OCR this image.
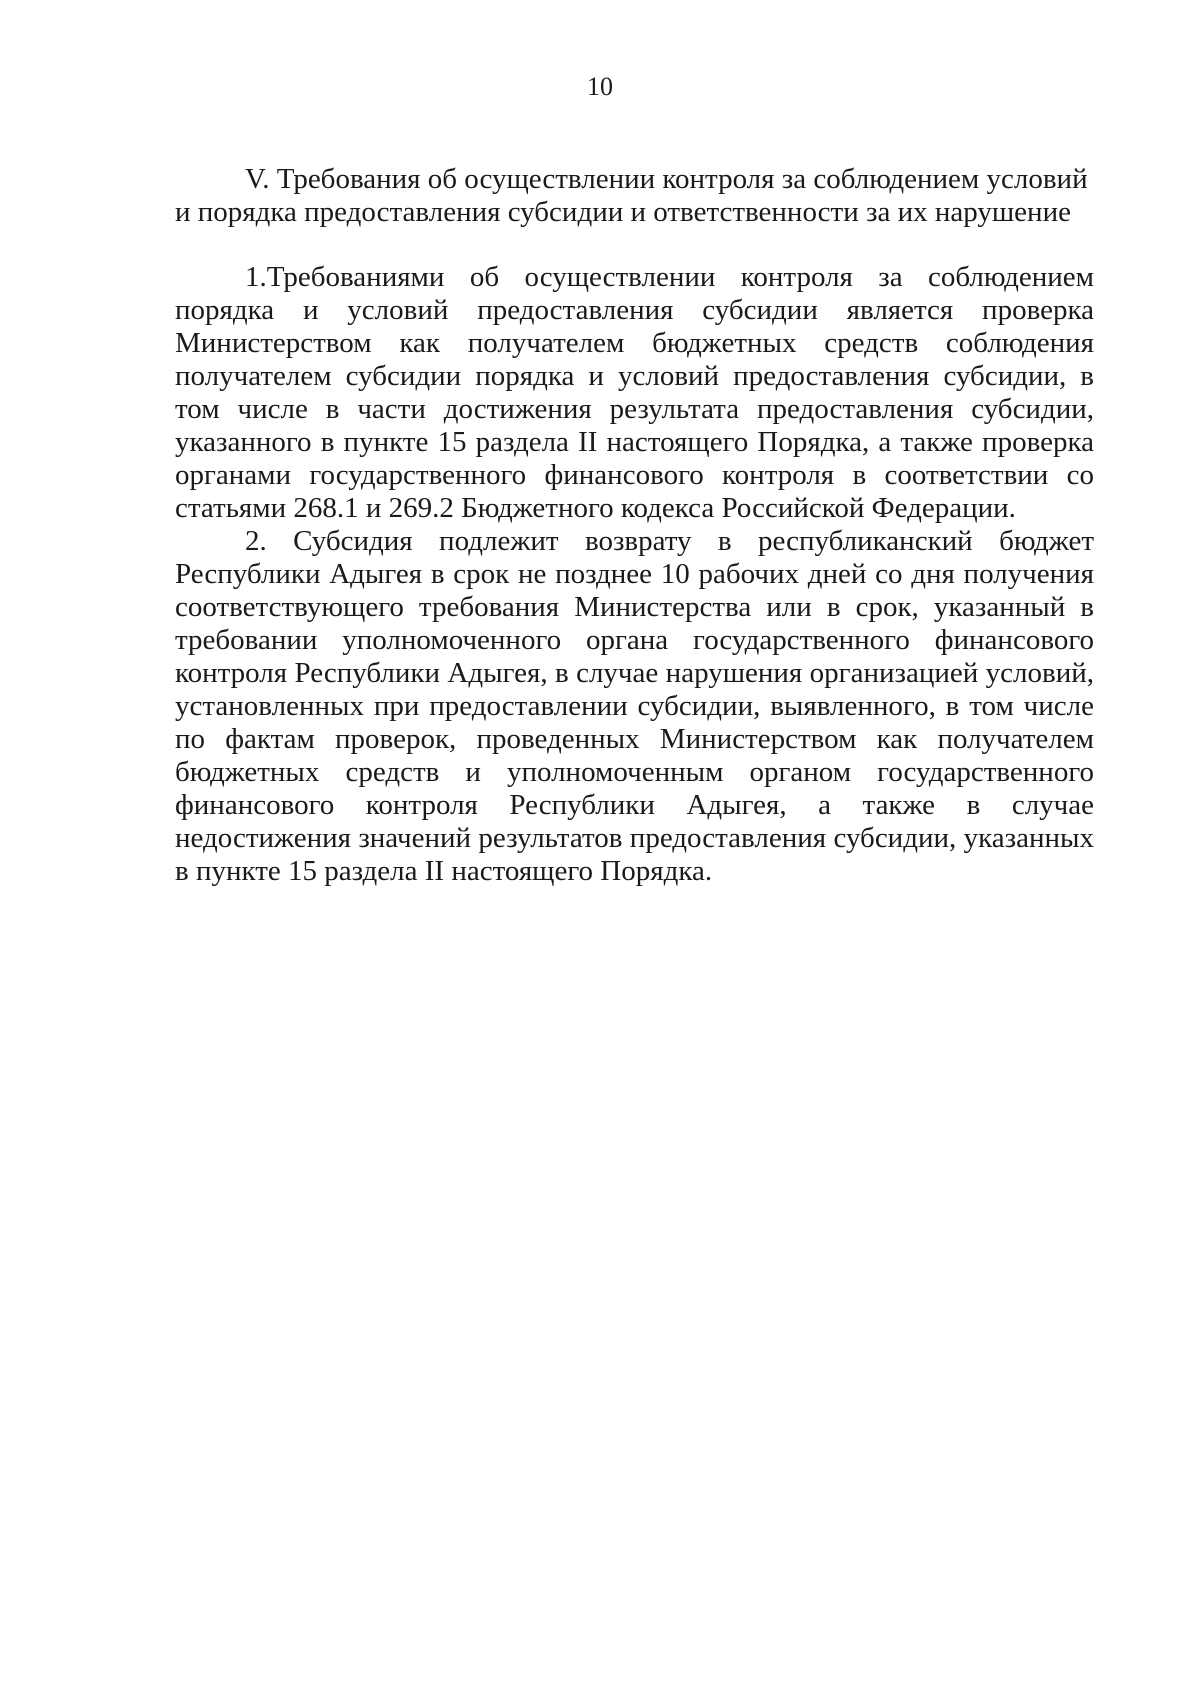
10
V. Требования об осуществлении контроля за соблюдением условий
и порядка предоставления субсидии и ответственности за их нарушение

1.Требованиями об осуществлении контроля за соблюдением порядка и условий предоставления субсидии является проверка Министерством как получателем бюджетных средств соблюдения получателем субсидии порядка и условий предоставления субсидии, в том числе в части достижения результата предоставления субсидии, указанного в пункте 15 раздела II настоящего Порядка, а также проверка органами государственного финансового контроля в соответствии со статьями 268.1 и 269.2 Бюджетного кодекса Российской Федерации.

2. Субсидия подлежит возврату в республиканский бюджет Республики Адыгея в срок не позднее 10 рабочих дней со дня получения соответствующего требования Министерства или в срок, указанный в требовании уполномоченного органа государственного финансового контроля Республики Адыгея, в случае нарушения организацией условий, установленных при предоставлении субсидии, выявленного, в том числе по фактам проверок, проведенных Министерством как получателем бюджетных средств и уполномоченным органом государственного финансового контроля Республики Адыгея, а также в случае недостижения значений результатов предоставления субсидии, указанных в пункте 15 раздела II настоящего Порядка.
